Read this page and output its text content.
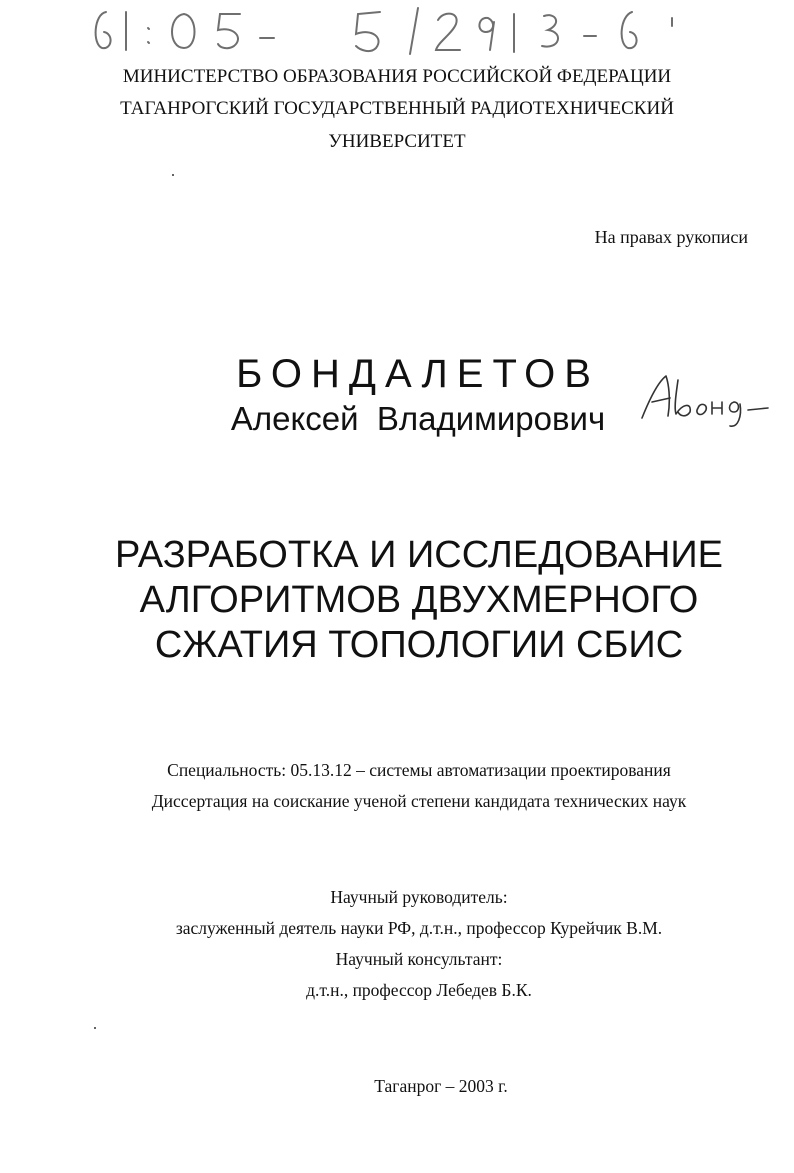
МИНИСТЕРСТВО ОБРАЗОВАНИЯ РОССИЙСКОЙ ФЕДЕРАЦИИ
ТАГАНРОГСКИЙ ГОСУДАРСТВЕННЫЙ РАДИОТЕХНИЧЕСКИЙ
УНИВЕРСИТЕТ
На правах рукописи
БОНДАЛЕТОВ
Алексей  Владимирович
РАЗРАБОТКА И ИССЛЕДОВАНИЕ
АЛГОРИТМОВ ДВУХМЕРНОГО
СЖАТИЯ ТОПОЛОГИИ СБИС
Специальность: 05.13.12 – системы автоматизации проектирования
Диссертация на соискание ученой степени кандидата технических наук
Научный руководитель:
заслуженный деятель науки РФ, д.т.н., профессор Курейчик В.М.
Научный консультант:
д.т.н., профессор Лебедев Б.К.
Таганрог – 2003 г.
